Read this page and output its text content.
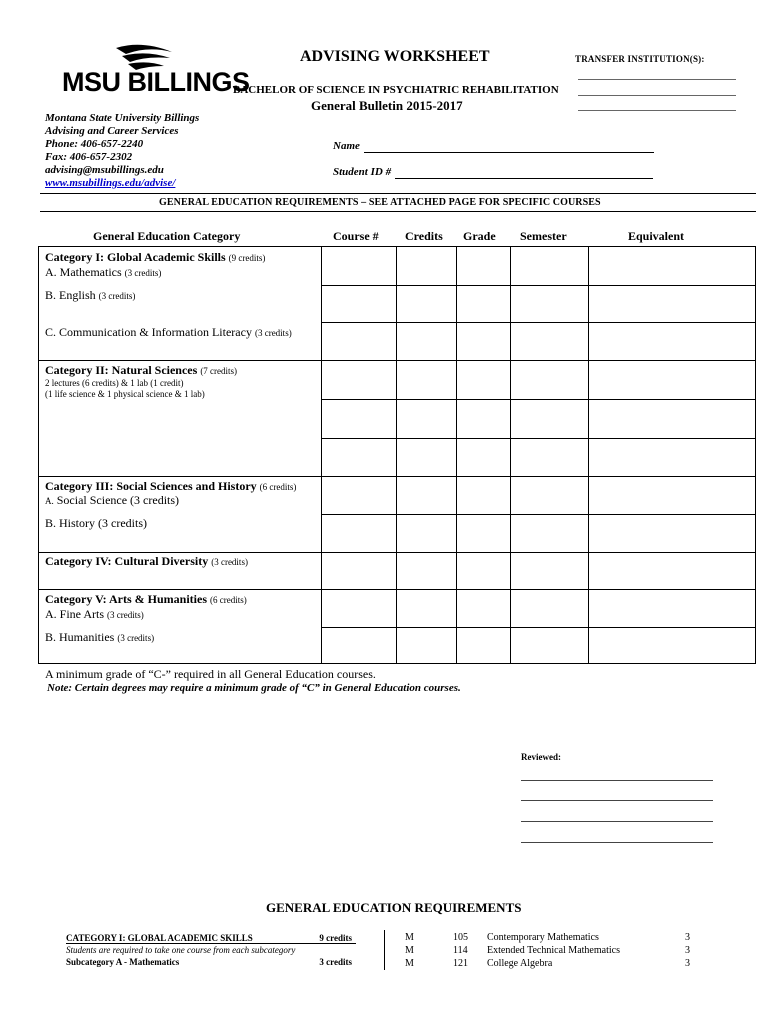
MSU BILLINGS
ADVISING WORKSHEET
BACHELOR OF SCIENCE IN PSYCHIATRIC REHABILITATION
General Bulletin 2015-2017
TRANSFER INSTITUTION(S):
Montana State University Billings
Advising and Career Services
Phone: 406-657-2240
Fax: 406-657-2302
advising@msubillings.edu
www.msubillings.edu/advise/
Name
Student ID #
GENERAL EDUCATION REQUIREMENTS – SEE ATTACHED PAGE FOR SPECIFIC COURSES
General Education Category	Course # Credits Grade Semester	Equivalent
Category I: Global Academic Skills (9 credits)
A. Mathematics (3 credits)
B. English (3 credits)
C. Communication & Information Literacy (3 credits)
Category II: Natural Sciences (7 credits)
2 lectures (6 credits) & 1 lab (1 credit)
(1 life science & 1 physical science & 1 lab)
Category III: Social Sciences and History (6 credits)
A. Social Science (3 credits)
B. History (3 credits)
Category IV: Cultural Diversity (3 credits)
Category V: Arts & Humanities (6 credits)
A. Fine Arts (3 credits)
B. Humanities (3 credits)
A minimum grade of “C-” required in all General Education courses.
Note: Certain degrees may require a minimum grade of “C” in General Education courses.
Reviewed:
GENERAL EDUCATION REQUIREMENTS
CATEGORY I: GLOBAL ACADEMIC SKILLS	9 credits
Students are required to take one course from each subcategory
Subcategory A - Mathematics	3 credits
M	105 Contemporary Mathematics	3
M	114 Extended Technical Mathematics	3
M	121 College Algebra	3
